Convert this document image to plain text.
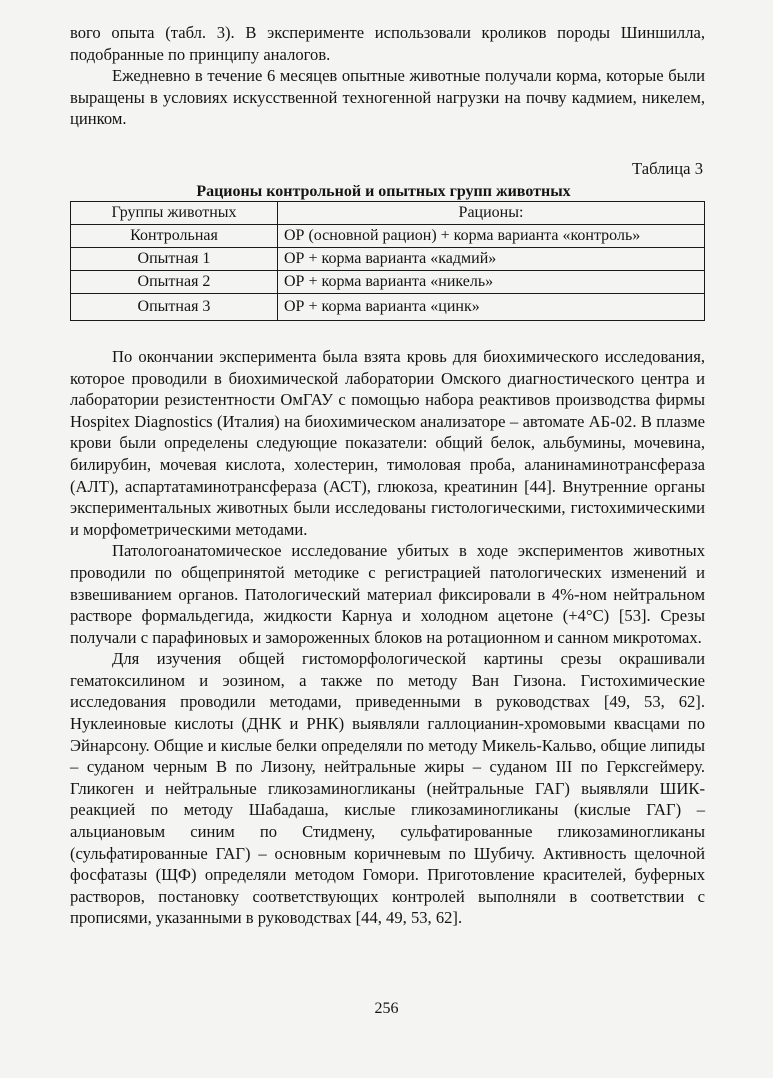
вого опыта (табл. 3). В эксперименте использовали кроликов породы Шиншилла, подобранные по принципу аналогов.

Ежедневно в течение 6 месяцев опытные животные получали корма, которые были выращены в условиях искусственной техногенной нагрузки на почву кадмием, никелем, цинком.

Таблица 3
Рационы контрольной и опытных групп животных
Группы животных	Рационы:
Контрольная	ОР (основной рацион) + корма варианта «контроль»
Опытная 1	ОР + корма варианта «кадмий»
Опытная 2	ОР + корма варианта «никель»
Опытная 3	ОР + корма варианта «цинк»

По окончании эксперимента была взята кровь для биохимического исследования, которое проводили в биохимической лаборатории Омского диагностического центра и лаборатории резистентности ОмГАУ с помощью набора реактивов производства фирмы Hospitex Diagnostics (Италия) на биохимическом анализаторе – автомате АБ-02. В плазме крови были определены следующие показатели: общий белок, альбумины, мочевина, билирубин, мочевая кислота, холестерин, тимоловая проба, аланинаминотрансфераза (АЛТ), аспартатаминотрансфераза (АСТ), глюкоза, креатинин [44]. Внутренние органы экспериментальных животных были исследованы гистологическими, гистохимическими и морфометрическими методами.

Патологоанатомическое исследование убитых в ходе экспериментов животных проводили по общепринятой методике с регистрацией патологических изменений и взвешиванием органов. Патологический материал фиксировали в 4%-ном нейтральном растворе формальдегида, жидкости Карнуа и холодном ацетоне (+4°С) [53]. Срезы получали с парафиновых и замороженных блоков на ротационном и санном микротомах.

Для изучения общей гистоморфологической картины срезы окрашивали гематоксилином и эозином, а также по методу Ван Гизона. Гистохимические исследования проводили методами, приведенными в руководствах [49, 53, 62]. Нуклеиновые кислоты (ДНК и РНК) выявляли галлоцианин-хромовыми квасцами по Эйнарсону. Общие и кислые белки определяли по методу Микель-Кальво, общие липиды – суданом черным В по Лизону, нейтральные жиры – суданом III по Герксгеймеру. Гликоген и нейтральные гликозаминогликаны (нейтральные ГАГ) выявляли ШИК-реакцией по методу Шабадаша, кислые гликозаминогликаны (кислые ГАГ) – альциановым синим по Стидмену, сульфатированные гликозаминогликаны (сульфатированные ГАГ) – основным коричневым по Шубичу. Активность щелочной фосфатазы (ЩФ) определяли методом Гомори. Приготовление красителей, буферных растворов, постановку соответствующих контролей выполняли в соответствии с прописями, указанными в руководствах [44, 49, 53, 62].

256
